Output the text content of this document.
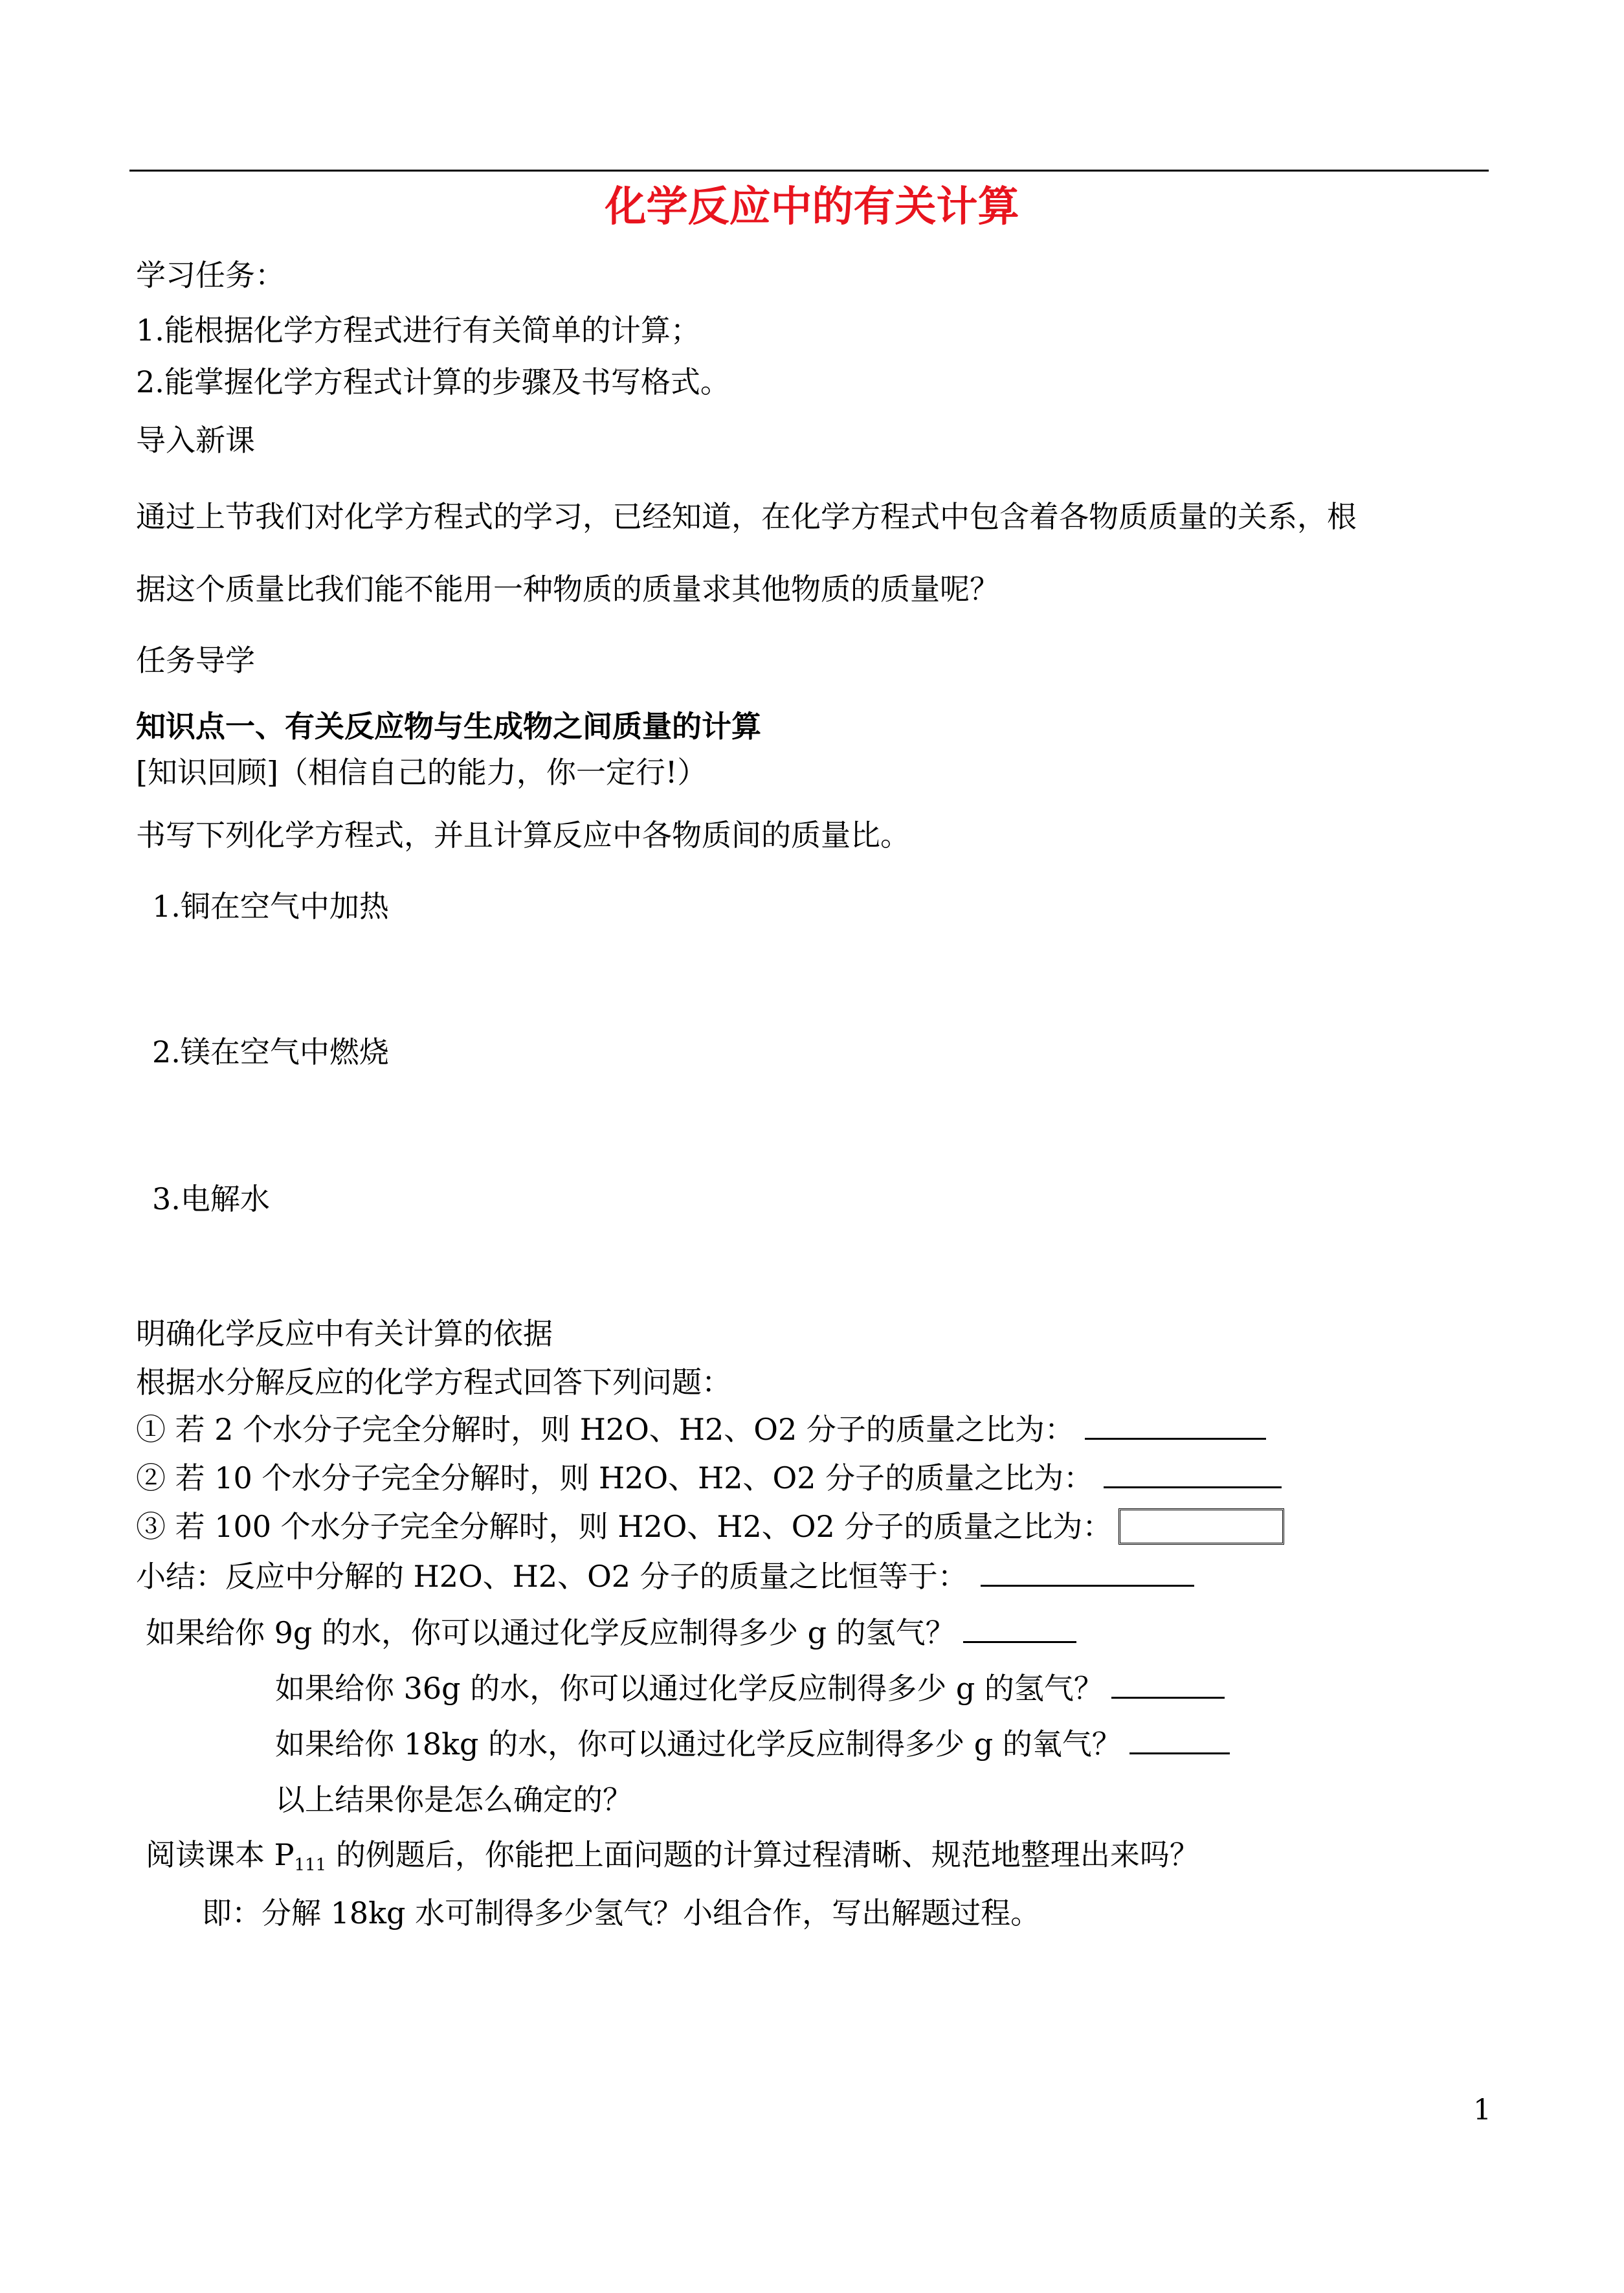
化学反应中的有关计算
学习任务：
1.能根据化学方程式进行有关简单的计算；
2.能掌握化学方程式计算的步骤及书写格式。
导入新课
通过上节我们对化学方程式的学习，已经知道，在化学方程式中包含着各物质质量的关系，根
据这个质量比我们能不能用一种物质的质量求其他物质的质量呢？
任务导学
知识点一、有关反应物与生成物之间质量的计算
[知识回顾]（相信自己的能力，你一定行!）
书写下列化学方程式，并且计算反应中各物质间的质量比。
1.铜在空气中加热
2.镁在空气中燃烧
3.电解水
明确化学反应中有关计算的依据
根据水分解反应的化学方程式回答下列问题：
① 若 2 个水分子完全分解时，则 H2O、H2、O2 分子的质量之比为：
② 若 10 个水分子完全分解时，则 H2O、H2、O2 分子的质量之比为：
③ 若 100 个水分子完全分解时，则 H2O、H2、O2 分子的质量之比为：
小结：反应中分解的 H2O、H2、O2 分子的质量之比恒等于：
如果给你 9g 的水，你可以通过化学反应制得多少 g 的氢气？
如果给你 36g 的水，你可以通过化学反应制得多少 g 的氢气？
如果给你 18kg 的水，你可以通过化学反应制得多少 g 的氧气？
以上结果你是怎么确定的？
阅读课本 $P_{111}$ 的例题后，你能把上面问题的计算过程清晰、规范地整理出来吗？
即：分解 18kg 水可制得多少氢气？小组合作，写出解题过程。
1
